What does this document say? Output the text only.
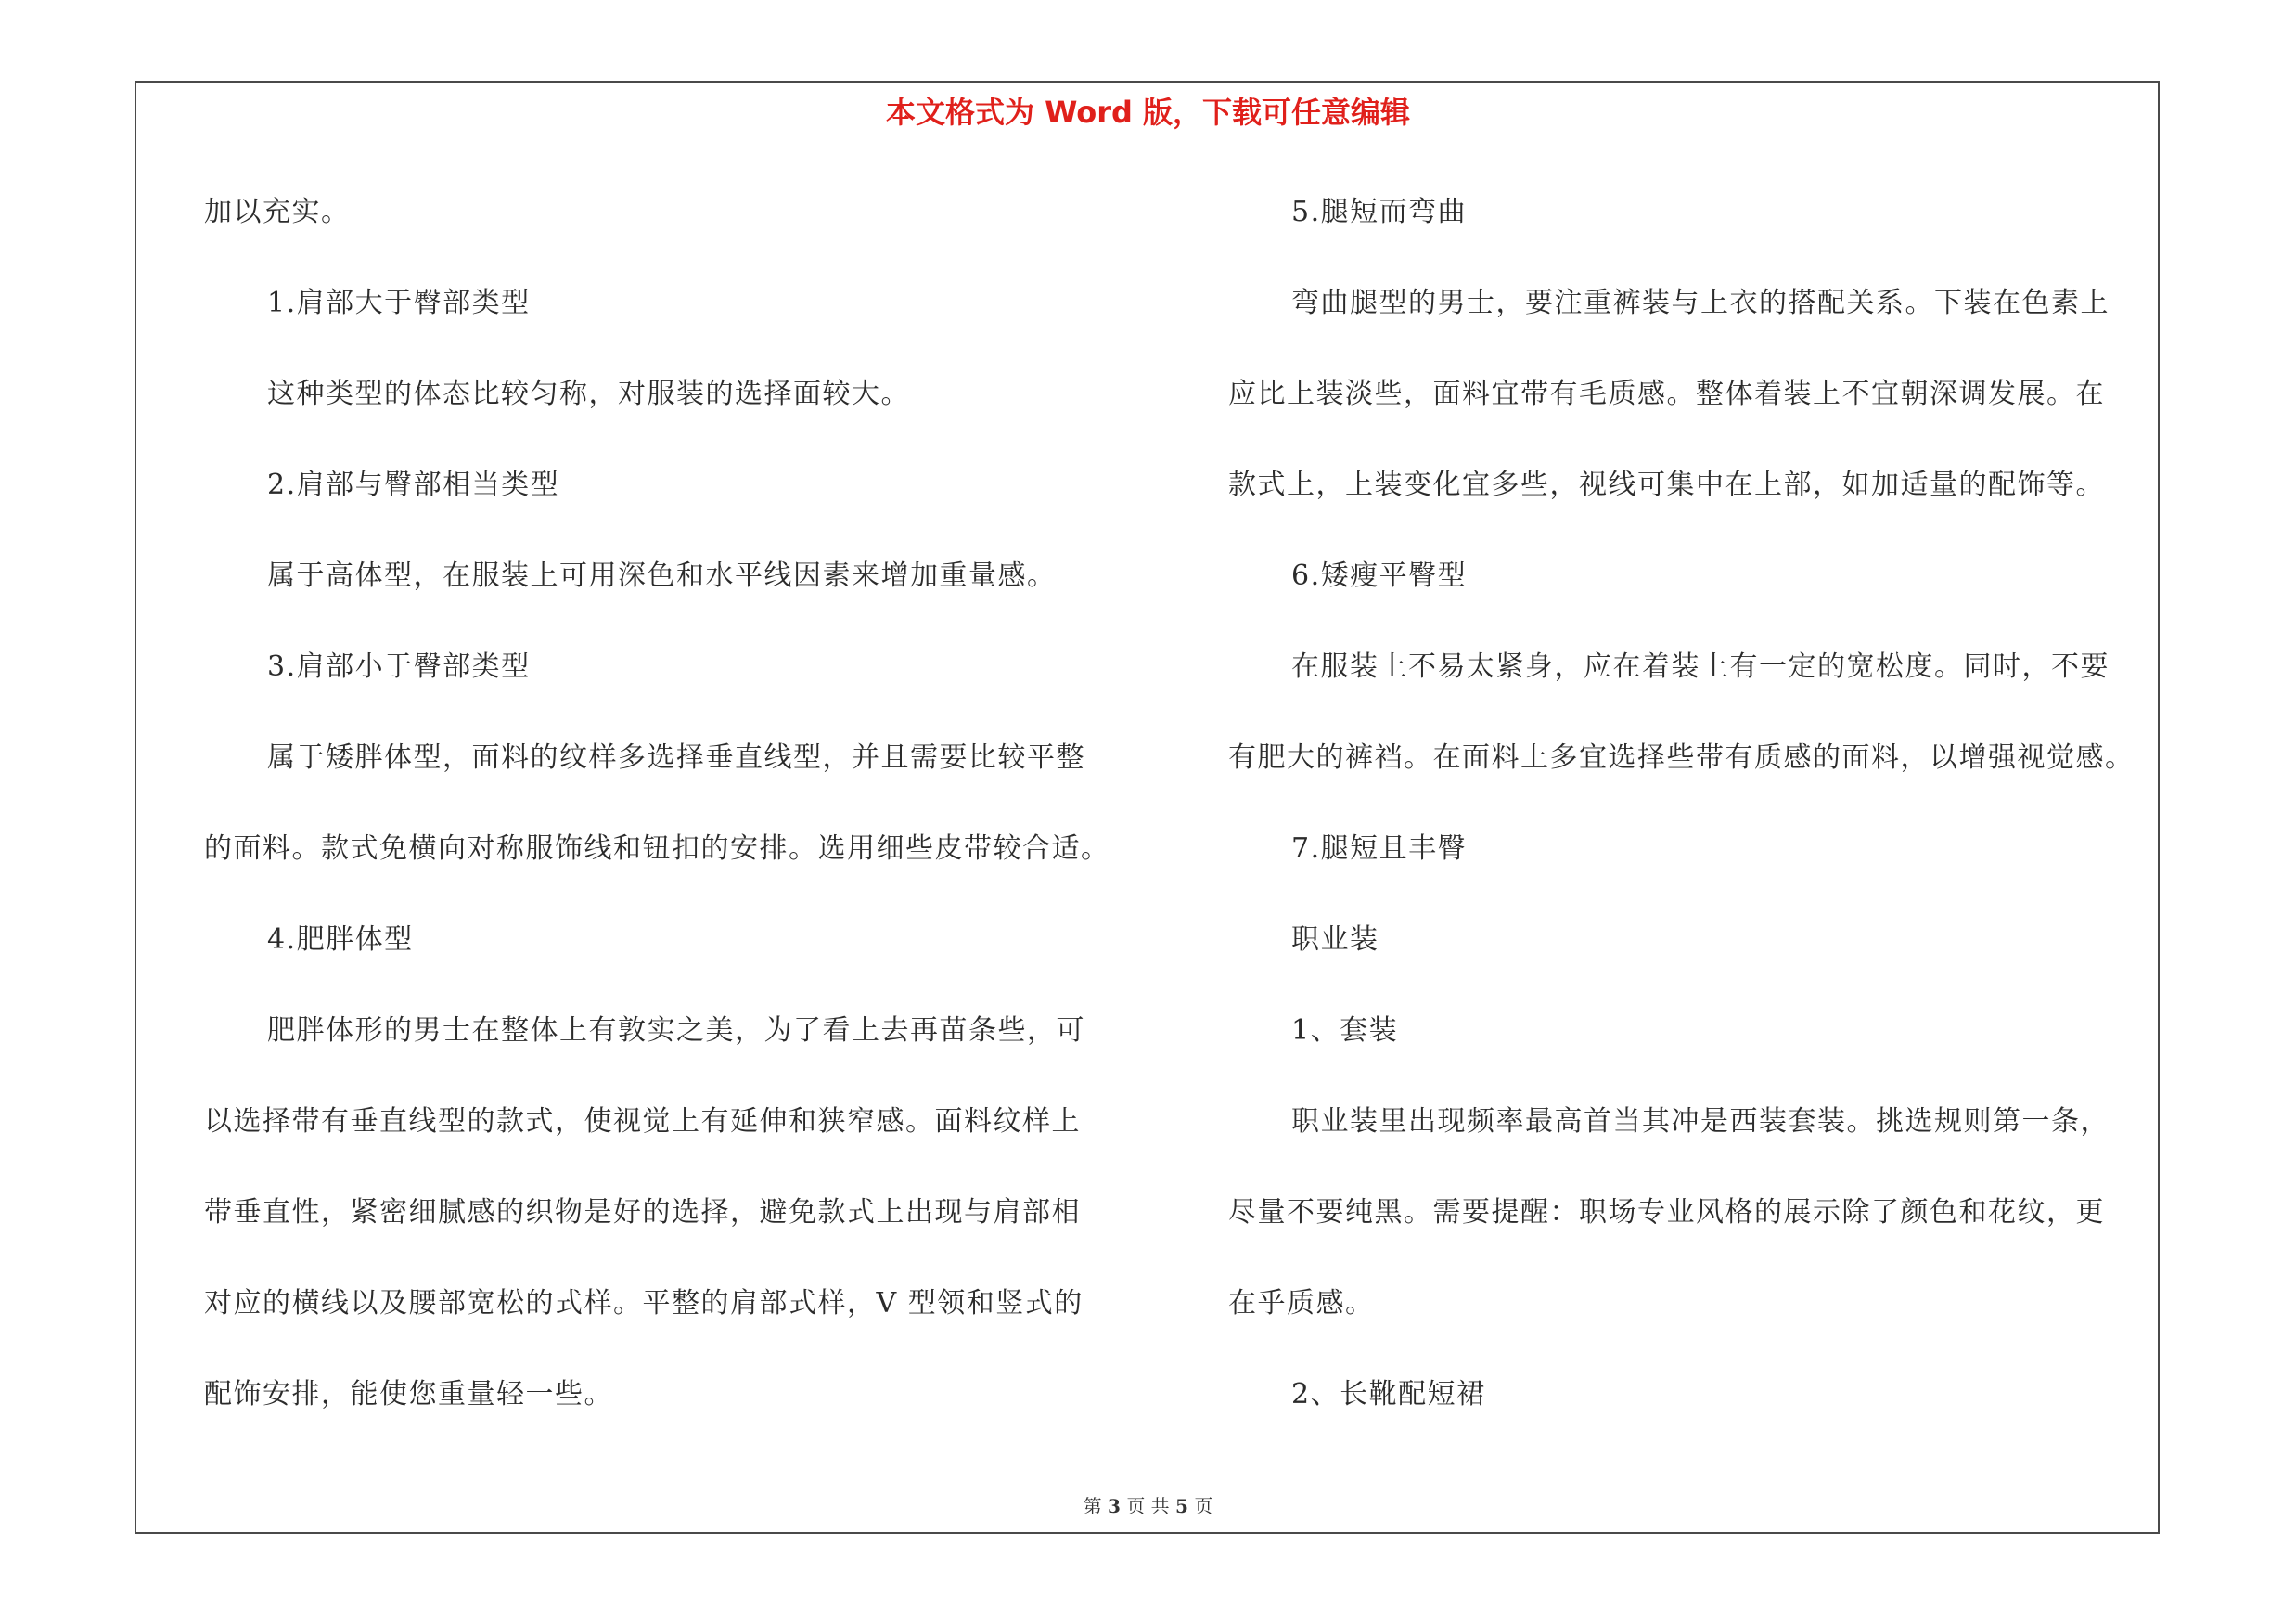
本文格式为 Word 版，下载可任意编辑
加以充实。
1.肩部大于臀部类型
这种类型的体态比较匀称，对服装的选择面较大。
2.肩部与臀部相当类型
属于高体型，在服装上可用深色和水平线因素来增加重量感。
3.肩部小于臀部类型
属于矮胖体型，面料的纹样多选择垂直线型，并且需要比较平整
的面料。款式免横向对称服饰线和钮扣的安排。选用细些皮带较合适。
4.肥胖体型
肥胖体形的男士在整体上有敦实之美，为了看上去再苗条些，可
以选择带有垂直线型的款式，使视觉上有延伸和狭窄感。面料纹样上
带垂直性，紧密细腻感的织物是好的选择，避免款式上出现与肩部相
对应的横线以及腰部宽松的式样。平整的肩部式样，V 型领和竖式的
配饰安排，能使您重量轻一些。
5.腿短而弯曲
弯曲腿型的男士，要注重裤装与上衣的搭配关系。下装在色素上
应比上装淡些，面料宜带有毛质感。整体着装上不宜朝深调发展。在
款式上，上装变化宜多些，视线可集中在上部，如加适量的配饰等。
6.矮瘦平臀型
在服装上不易太紧身，应在着装上有一定的宽松度。同时，不要
有肥大的裤裆。在面料上多宜选择些带有质感的面料，以增强视觉感。
7.腿短且丰臀
职业装
1、套装
职业装里出现频率最高首当其冲是西装套装。挑选规则第一条，
尽量不要纯黑。需要提醒：职场专业风格的展示除了颜色和花纹，更
在乎质感。
2、长靴配短裙
第 3 页 共 5 页
